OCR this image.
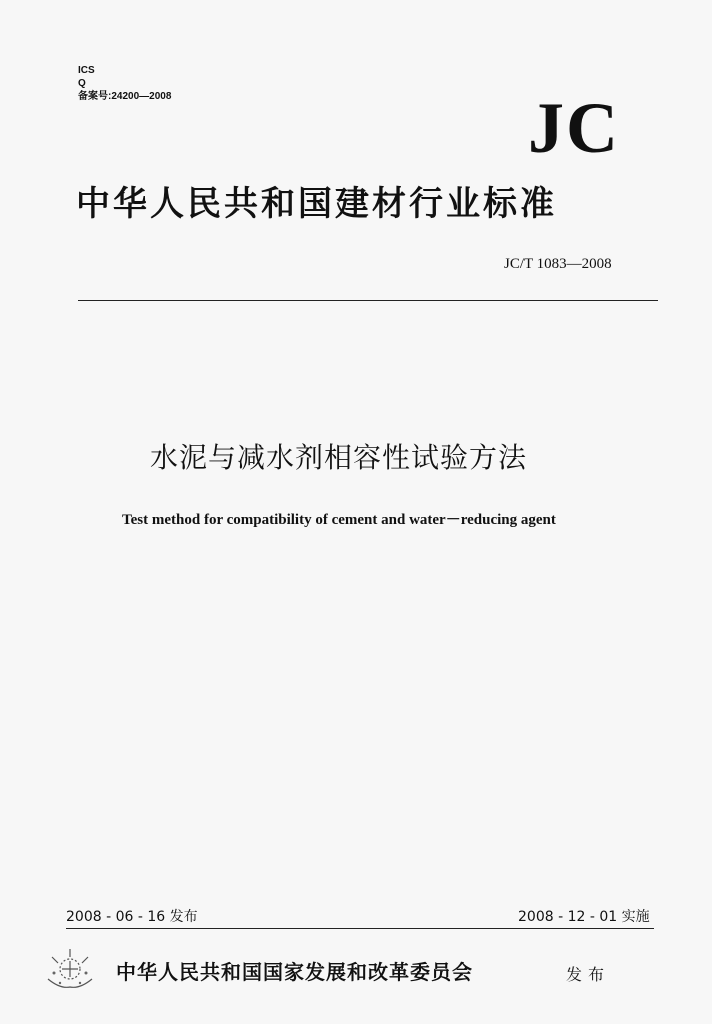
ICS
Q
备案号:24200—2008	JC
中华人民共和国建材行业标准
JC/T 1083—2008
水泥与减水剂相容性试验方法
Test method for compatibility of cement and water－reducing agent
2008 - 06 - 16 发布	2008 - 12 - 01 实施
中华人民共和国国家发展和改革委员会	发布
